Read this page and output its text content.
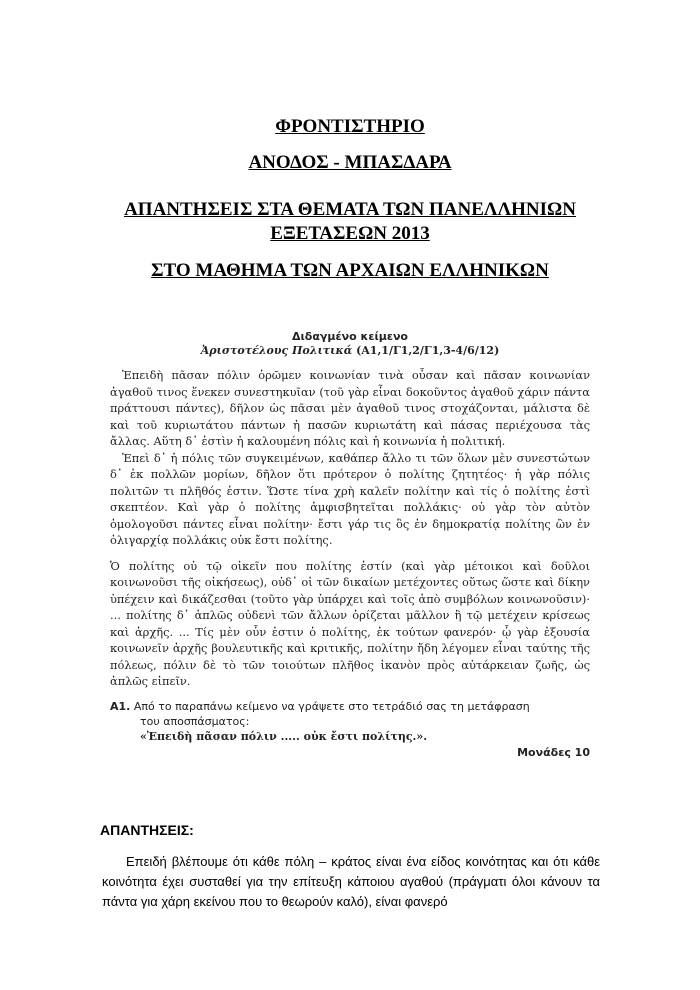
ΦΡΟΝΤΙΣΤΗΡΙΟ
ΑΝΟΔΟΣ - ΜΠΑΣΔΑΡΑ
ΑΠΑΝΤΗΣΕΙΣ ΣΤΑ ΘΕΜΑΤΑ ΤΩΝ ΠΑΝΕΛΛΗΝΙΩΝ
ΕΞΕΤΑΣΕΩΝ 2013
ΣΤΟ ΜΑΘΗΜΑ ΤΩΝ ΑΡΧΑΙΩΝ ΕΛΛΗΝΙΚΩΝ
Διδαγμένο κείμενο
Ἀριστοτέλους Πολιτικά (Α1,1/Γ1,2/Γ1,3-4/6/12)

Ἐπειδὴ πᾶσαν πόλιν ὁρῶμεν κοινωνίαν τινὰ οὖσαν καὶ πᾶσαν κοινωνίαν ἀγαθοῦ τινος ἕνεκεν συνεστηκυῖαν (τοῦ γὰρ εἶναι δοκοῦντος ἀγαθοῦ χάριν πάντα πράττουσι πάντες), δῆλον ὡς πᾶσαι μὲν ἀγαθοῦ τινος στοχάζονται, μάλιστα δὲ καὶ τοῦ κυριωτάτου πάντων ἡ πασῶν κυριωτάτη καὶ πάσας περιέχουσα τὰς ἄλλας. Αὕτη δ᾽ ἐστὶν ἡ καλουμένη πόλις καὶ ἡ κοινωνία ἡ πολιτική.

Ἐπεὶ δ᾽ ἡ πόλις τῶν συγκειμένων, καθάπερ ἄλλο τι τῶν ὅλων μὲν συνεστώτων δ᾽ ἐκ πολλῶν μορίων, δῆλον ὅτι πρότερον ὁ πολίτης ζητητέος· ἡ γὰρ πόλις πολιτῶν τι πλῆθός ἐστιν. Ὥστε τίνα χρὴ καλεῖν πολίτην καὶ τίς ὁ πολίτης ἐστὶ σκεπτέον. Καὶ γὰρ ὁ πολίτης ἀμφισβητεῖται πολλάκις· οὐ γὰρ τὸν αὐτὸν ὁμολογοῦσι πάντες εἶναι πολίτην· ἔστι γάρ τις ὃς ἐν δημοκρατίᾳ πολίτης ὢν ἐν ὀλιγαρχίᾳ πολλάκις οὐκ ἔστι πολίτης.

Ὁ πολίτης οὐ τῷ οἰκεῖν που πολίτης ἐστίν (καὶ γὰρ μέτοικοι καὶ δοῦλοι κοινωνοῦσι τῆς οἰκήσεως), οὐδ᾽ οἱ τῶν δικαίων μετέχοντες οὕτως ὥστε καὶ δίκην ὑπέχειν καὶ δικάζεσθαι (τοῦτο γὰρ ὑπάρχει καὶ τοῖς ἀπὸ συμβόλων κοινωνοῦσιν)· ... πολίτης δ᾽ ἁπλῶς οὐδενὶ τῶν ἄλλων ὁρίζεται μᾶλλον ἢ τῷ μετέχειν κρίσεως καὶ ἀρχῆς. ... Τίς μὲν οὖν ἐστιν ὁ πολίτης, ἐκ τούτων φανερόν· ᾧ γὰρ ἐξουσία κοινωνεῖν ἀρχῆς βουλευτικῆς καὶ κριτικῆς, πολίτην ἤδη λέγομεν εἶναι ταύτης τῆς πόλεως, πόλιν δὲ τὸ τῶν τοιούτων πλῆθος ἱκανὸν πρὸς αὐτάρκειαν ζωῆς, ὡς ἁπλῶς εἰπεῖν.

Α1. Από το παραπάνω κείμενο να γράψετε στο τετράδιό σας τη μετάφραση
του αποσπάσματος:
«Ἐπειδὴ πᾶσαν πόλιν ..... οὐκ ἔστι πολίτης.».
Μονάδες 10
ΑΠΑΝΤΗΣΕΙΣ:
Επειδή βλέπουμε ότι κάθε πόλη – κράτος είναι ένα είδος κοινότητας και ότι κάθε κοινότητα έχει συσταθεί για την επίτευξη κάποιου αγαθού (πράγματι όλοι κάνουν τα πάντα για χάρη εκείνου που το θεωρούν καλό), είναι φανερό
